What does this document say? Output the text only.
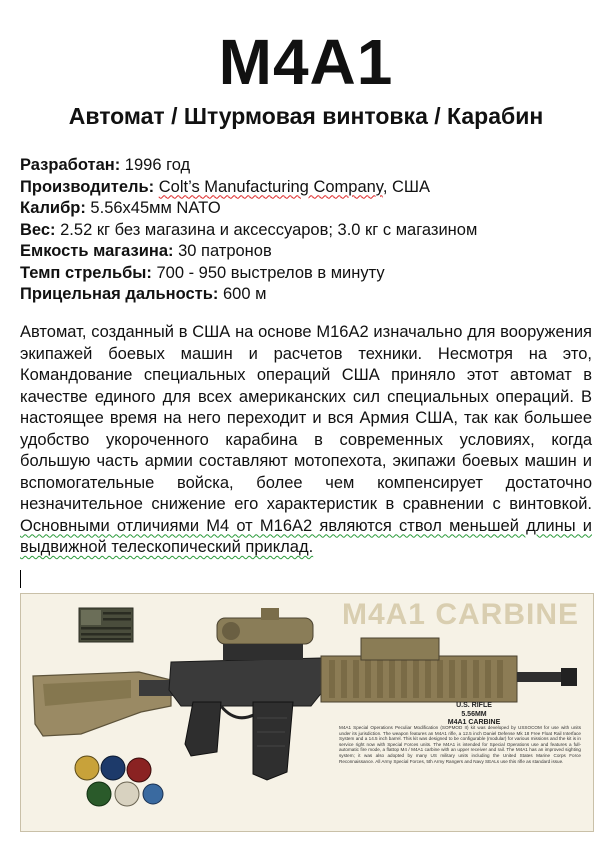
M4A1
Автомат / Штурмовая винтовка / Карабин
Разработан: 1996 год
Производитель: Colt’s Manufacturing Company, США
Калибр: 5.56x45мм NATO
Вес: 2.52 кг без магазина и аксессуаров; 3.0 кг с магазином
Емкость магазина: 30 патронов
Темп стрельбы: 700 - 950 выстрелов в минуту
Прицельная дальность: 600 м
Автомат, созданный в США на основе M16A2 изначально для вооружения экипажей боевых машин и расчетов техники. Несмотря на это, Командование специальных операций США приняло этот автомат в качестве единого для всех американских сил специальных операций. В настоящее время на него переходит и вся Армия США, так как большее удобство укороченного карабина в современных условиях, когда большую часть армии составляют мотопехота, экипажи боевых машин и вспомогательные войска, более чем компенсирует достаточно незначительное снижение его характеристик в сравнении с винтовкой. Основными отличиями M4 от M16A2 являются ствол меньшей длины и выдвижной телескопический приклад.
M4A1 CARBINE
U.S. RIFLE
5.56MM
M4A1 CARBINE
M4A1 Special Operations Peculiar Modification (SOPMOD II) kit was developed by USSOCOM for use with units under its jurisdiction. The weapon features an M4A1 rifle, a 12.5 inch Daniel Defense Mk 18 Free Float Rail Interface System and a 14.5 inch barrel. This kit was designed to be configurable (modular) for various missions and the kit is in service right now with Special Forces units. The M4A1 is intended for Special Operations use and features a full-automatic fire mode, a flattop M4 / M4A1 carbine with an upper receiver and rail. The M4A1 has an improved sighting system; it was also adopted by many US military units including the United States Marine Corps Force Reconnaissance. All Army Special Forces, 5th Army Rangers and Navy SEALs use this rifle as standard issue.
